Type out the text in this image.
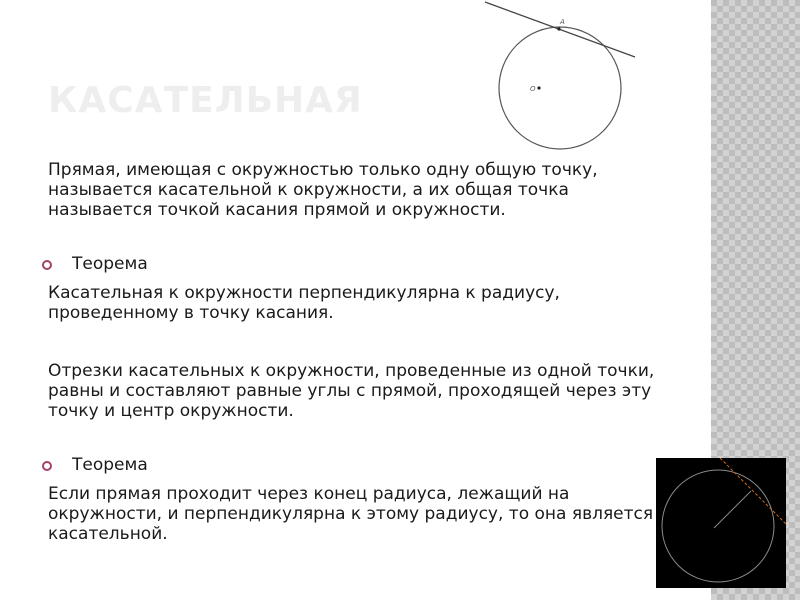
КАСАТЕЛЬНАЯ
A
O

Прямая, имеющая с окружностью только одну общую точку, называется касательной к окружности, а их общая точка называется точкой касания прямой и окружности.

Теорема

Касательная к окружности перпендикулярна к радиусу, проведенному в точку касания.

Отрезки касательных к окружности, проведенные из одной точки, равны и составляют равные углы с прямой, проходящей через эту точку и центр окружности.

Теорема

Если прямая проходит через конец радиуса, лежащий на окружности, и перпендикулярна к этому радиусу, то она является касательной.
